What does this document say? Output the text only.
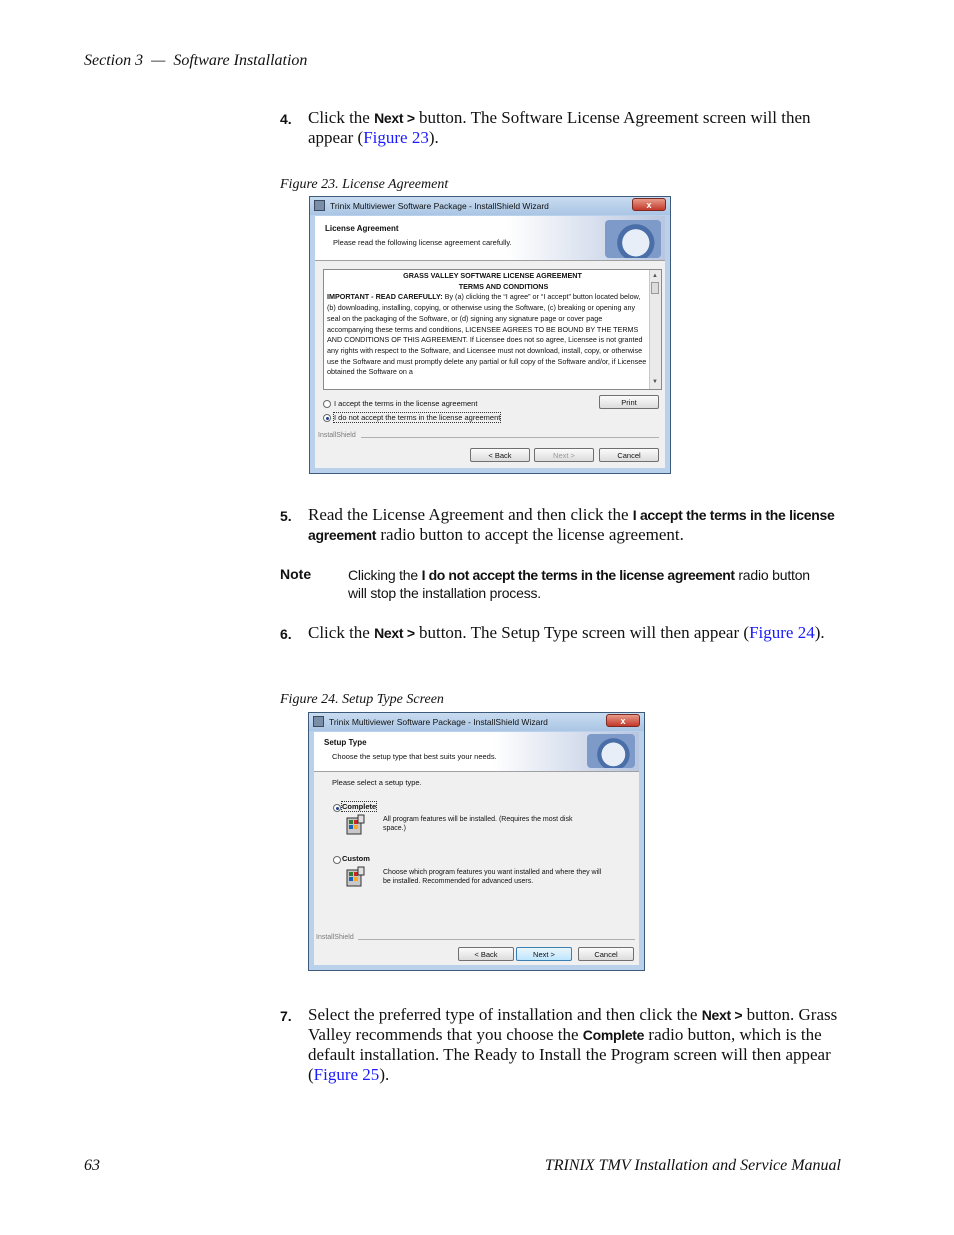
Section 3 — Software Installation
4. Click the Next > button. The Software License Agreement screen will then appear (Figure 23).
Figure 23. License Agreement
Trinix Multiviewer Software Package - InstallShield Wizard	x
License Agreement
Please read the following license agreement carefully.
GRASS VALLEY SOFTWARE LICENSE AGREEMENT
TERMS AND CONDITIONS
IMPORTANT - READ CAREFULLY: By (a) clicking the “I agree” or “I accept” button located below, (b) downloading, installing, copying, or otherwise using the Software, (c) breaking or opening any seal on the packaging of the Software, or (d) signing any signature page or cover page accompanying these terms and conditions, LICENSEE AGREES TO BE BOUND BY THE TERMS AND CONDITIONS OF THIS AGREEMENT. If Licensee does not so agree, Licensee is not granted any rights with respect to the Software, and Licensee must not download, install, copy, or otherwise use the Software and must promptly delete any partial or full copy of the Software and/or, if Licensee obtained the Software on a
▲
▼
I accept the terms in the license agreement
I do not accept the terms in the license agreement
Print
InstallShield
< Back	Next >	Cancel
5. Read the License Agreement and then click the I accept the terms in the license agreement radio button to accept the license agreement.
Note	Clicking the I do not accept the terms in the license agreement radio button will stop the installation process.
6. Click the Next > button. The Setup Type screen will then appear (Figure 24).
Figure 24. Setup Type Screen
Trinix Multiviewer Software Package - InstallShield Wizard	x
Setup Type
Choose the setup type that best suits your needs.
Please select a setup type.
Complete
All program features will be installed. (Requires the most disk space.)
Custom
Choose which program features you want installed and where they will be installed. Recommended for advanced users.
InstallShield
< Back	Next >	Cancel
7. Select the preferred type of installation and then click the Next > button. Grass Valley recommends that you choose the Complete radio button, which is the default installation. The Ready to Install the Program screen will then appear (Figure 25).
63	TRINIX TMV Installation and Service Manual
